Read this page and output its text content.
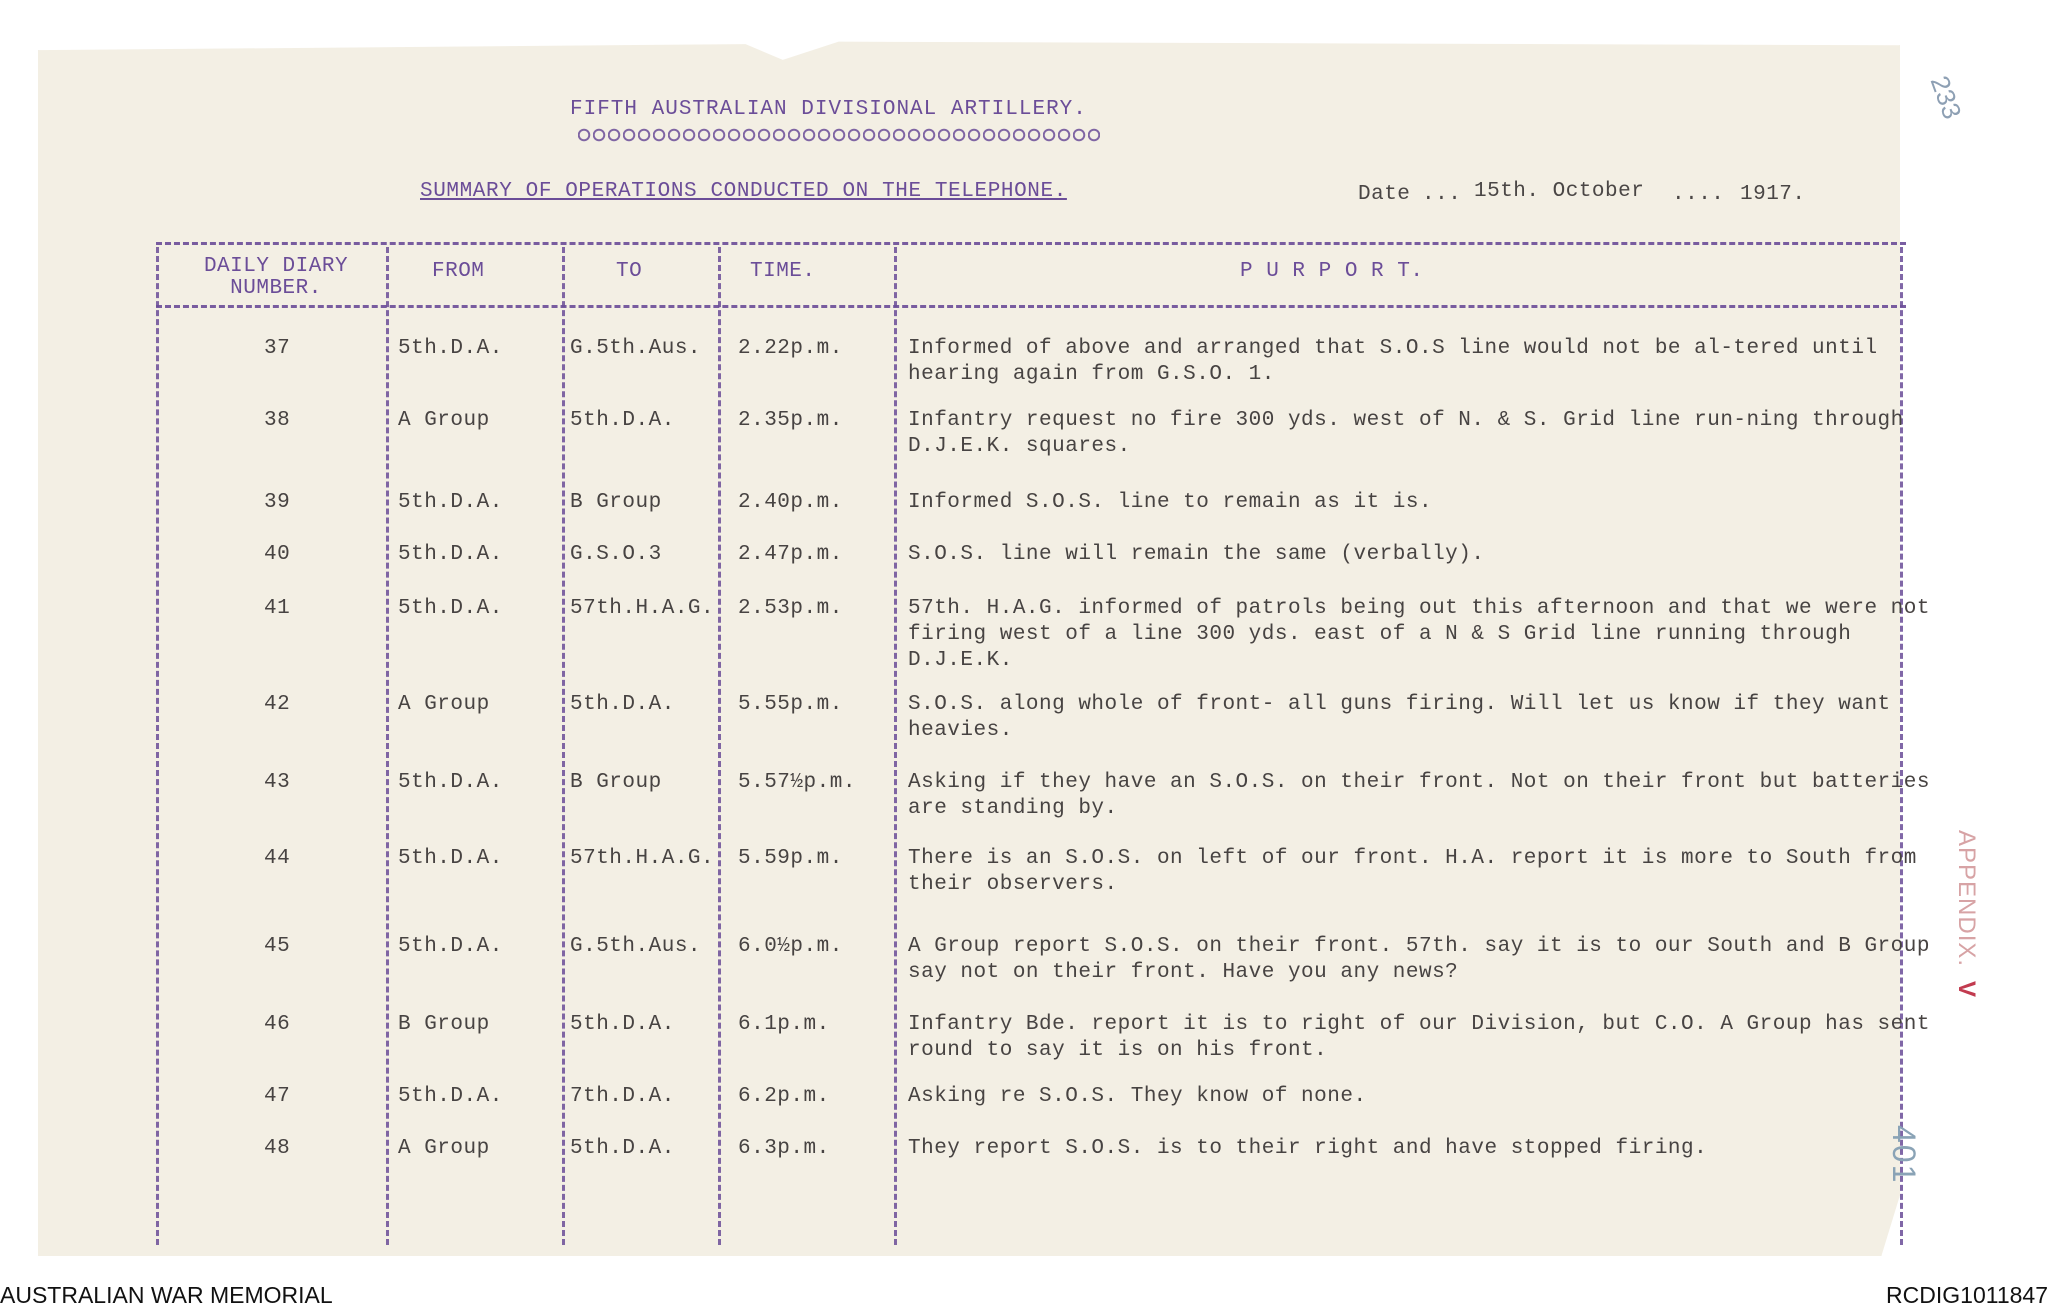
FIFTH AUSTRALIAN DIVISIONAL ARTILLERY.
SUMMARY OF OPERATIONS CONDUCTED ON THE TELEPHONE.	Date ... 15th. October .... 1917.
233
DAILY DIARY NUMBER.
FROM	TO	TIME.	P U R P O R T.
37	5th.D.A.	G.5th.Aus. 2.22p.m.	Informed of above and arranged that S.O.S line would not be al-tered until hearing again from G.S.O. 1.
38	A Group	5th.D.A.	2.35p.m.	Infantry request no fire 300 yds. west of N. & S. Grid line run-ning through D.J.E.K. squares.
39	5th.D.A.	B Group	2.40p.m.	Informed S.O.S. line to remain as it is.
40	5th.D.A.	G.S.O.3	2.47p.m.	S.O.S. line will remain the same (verbally).
41	5th.D.A.	57th.H.A.G. 2.53p.m.	57th. H.A.G. informed of patrols being out this afternoon and that we were not firing west of a line 300 yds. east of a N & S Grid line running through D.J.E.K.
42	A Group	5th.D.A.	5.55p.m.	S.O.S. along whole of front- all guns firing. Will let us know if they want heavies.
43	5th.D.A.	B Group	5.57½p.m. Asking if they have an S.O.S. on their front. Not on their front but batteries are standing by.
44	5th.D.A.	57th.H.A.G. 5.59p.m.	There is an S.O.S. on left of our front. H.A. report it is more to South from their observers.
45	5th.D.A.	G.5th.Aus. 6.0½p.m.	A Group report S.O.S. on their front. 57th. say it is to our South and B Group say not on their front. Have you any news?
46	B Group	5th.D.A.	6.1p.m.	Infantry Bde. report it is to right of our Division, but C.O. A Group has sent round to say it is on his front.
47	5th.D.A.	7th.D.A.	6.2p.m.	Asking re S.O.S. They know of none.
48	A Group	5th.D.A.	6.3p.m.	They report S.O.S. is to their right and have stopped firing.
APPENDIX.V
401
AUSTRALIAN WAR MEMORIAL	RCDIG1011847
